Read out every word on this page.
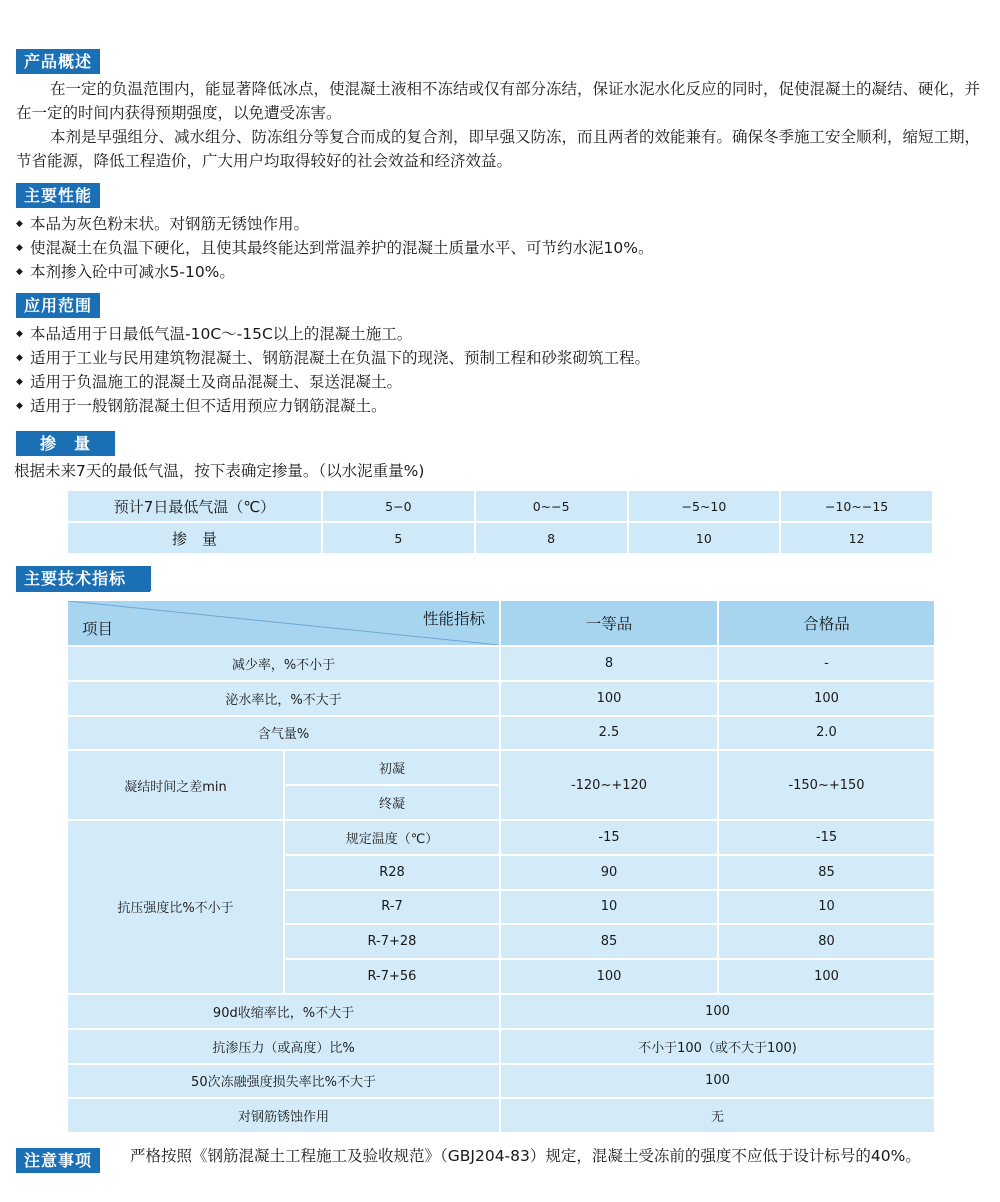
产品概述

在一定的负温范围内，能显著降低冰点，使混凝土液相不冻结或仅有部分冻结，保证水泥水化反应的同时，促使混凝土的凝结、硬化，并在一定的时间内获得预期强度，以免遭受冻害。

本剂是早强组分、减水组分、防冻组分等复合而成的复合剂，即早强又防冻，而且两者的效能兼有。确保冬季施工安全顺利，缩短工期，节省能源，降低工程造价，广大用户均取得较好的社会效益和经济效益。

主要性能
◆ 本品为灰色粉末状。对钢筋无锈蚀作用。
◆ 使混凝土在负温下硬化，且使其最终能达到常温养护的混凝土质量水平、可节约水泥10%。
◆ 本剂掺入砼中可减水5-10%。
应用范围
◆ 本品适用于日最低气温-10C～-15C以上的混凝土施工。
◆ 适用于工业与民用建筑物混凝土、钢筋混凝土在负温下的现浇、预制工程和砂浆砌筑工程。
◆ 适用于负温施工的混凝土及商品混凝土、泵送混凝土。
◆ 适用于一般钢筋混凝土但不适用预应力钢筋混凝土。
掺　量

根据未来7天的最低气温，按下表确定掺量。（以水泥重量%)

预计7日最低气温（℃）	5−0	0~−5	−5~10	−10~−15
掺　量	5	8	10	12
主要技术指标
性能指标
项目		一等品	合格品
减少率，%不小于		8	-
泌水率比，%不大于		100	100
含气量%		2.5	2.0
凝结时间之差min	初凝	-120~+120	-150~+150
	终凝		
抗压强度比%不小于	规定温度（℃）	-15	-15
	R28	90	85
	R-7	10	10
	R-7+28	85	80
	R-7+56	100	100
90d收缩率比，%不大于		100	
抗渗压力（或高度）比%		不小于100（或不大于100)	
50次冻融强度损失率比%不大于		100	
对钢筋锈蚀作用		无	
注意事项 严格按照《钢筋混凝土工程施工及验收规范》（GBJ204-83）规定，混凝土受冻前的强度不应低于设计标号的40%。
